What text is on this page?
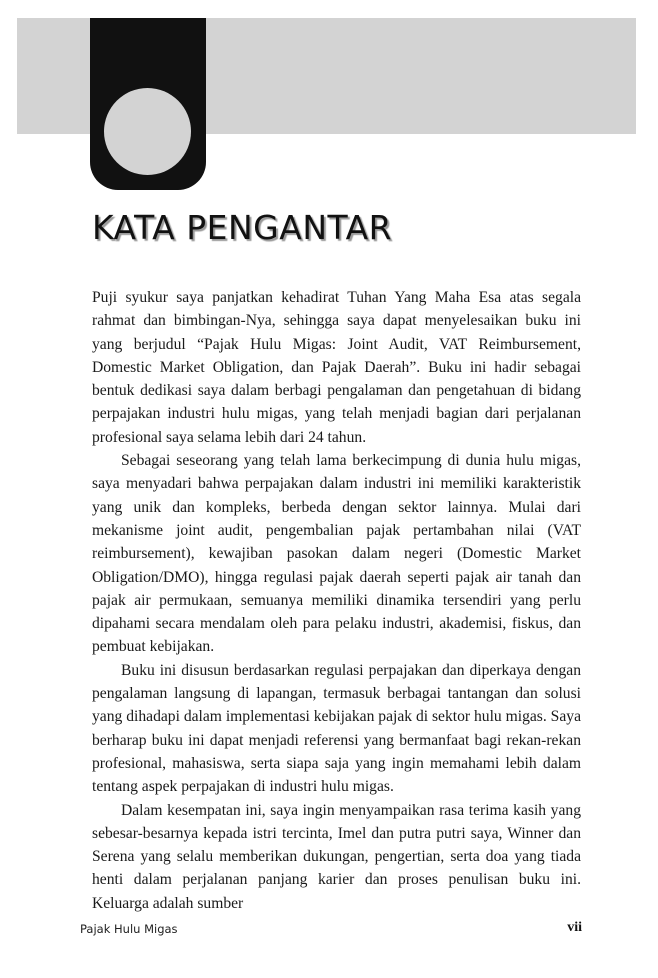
KATA PENGANTAR

Puji syukur saya panjatkan kehadirat Tuhan Yang Maha Esa atas segala rahmat dan bimbingan-Nya, sehingga saya dapat menyelesaikan buku ini yang berjudul “Pajak Hulu Migas: Joint Audit, VAT Reimbursement, Domestic Market Obligation, dan Pajak Daerah”. Buku ini hadir sebagai bentuk dedikasi saya dalam berbagi pengalaman dan pengetahuan di bidang perpajakan industri hulu migas, yang telah menjadi bagian dari perjalanan profesional saya selama lebih dari 24 tahun.

Sebagai seseorang yang telah lama berkecimpung di dunia hulu migas, saya menyadari bahwa perpajakan dalam industri ini memiliki karakteristik yang unik dan kompleks, berbeda dengan sektor lainnya. Mulai dari mekanisme joint audit, pengembalian pajak pertambahan nilai (VAT reimbursement), kewajiban pasokan dalam negeri (Domestic Market Obligation/DMO), hingga regulasi pajak daerah seperti pajak air tanah dan pajak air permukaan, semuanya memiliki dinamika tersendiri yang perlu dipahami secara mendalam oleh para pelaku industri, akademisi, fiskus, dan pembuat kebijakan.

Buku ini disusun berdasarkan regulasi perpajakan dan diperkaya dengan pengalaman langsung di lapangan, termasuk berbagai tantangan dan solusi yang dihadapi dalam implementasi kebijakan pajak di sektor hulu migas. Saya berharap buku ini dapat menjadi referensi yang bermanfaat bagi rekan-rekan profesional, mahasiswa, serta siapa saja yang ingin memahami lebih dalam tentang aspek perpajakan di industri hulu migas.

Dalam kesempatan ini, saya ingin menyampaikan rasa terima kasih yang sebesar-besarnya kepada istri tercinta, Imel dan putra putri saya, Winner dan Serena yang selalu memberikan dukungan, pengertian, serta doa yang tiada henti dalam perjalanan panjang karier dan proses penulisan buku ini. Keluarga adalah sumber

Pajak Hulu Migas	vii
